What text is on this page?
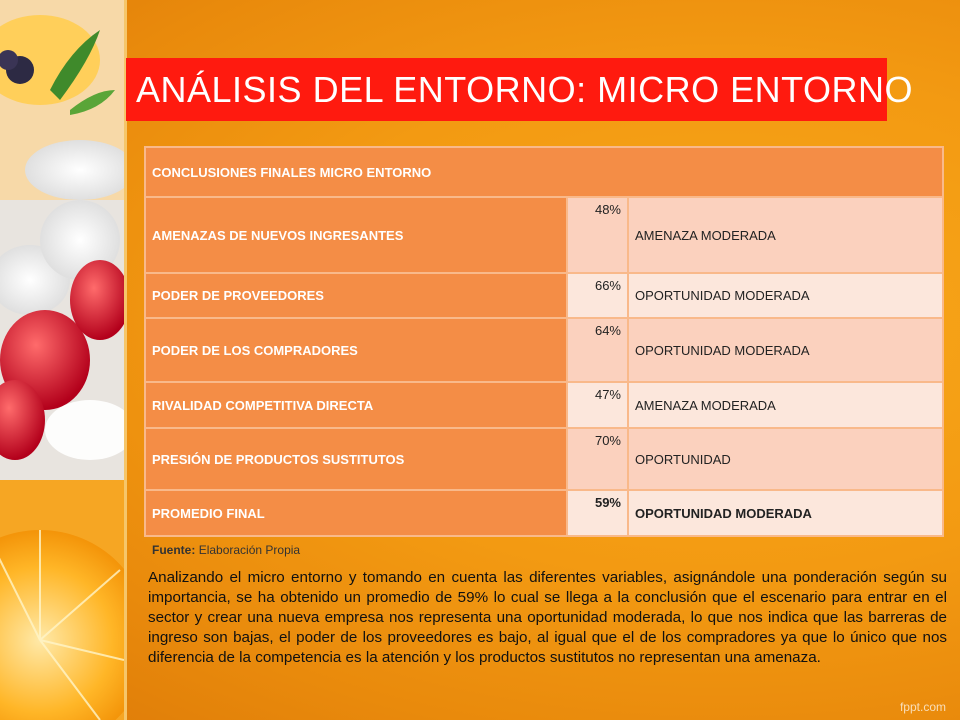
ANÁLISIS DEL ENTORNO: MICRO ENTORNO
CONCLUSIONES FINALES MICRO ENTORNO		
AMENAZAS DE NUEVOS INGRESANTES	48%	AMENAZA MODERADA
PODER DE PROVEEDORES	66%	OPORTUNIDAD MODERADA
PODER DE LOS COMPRADORES	64%	OPORTUNIDAD MODERADA
RIVALIDAD COMPETITIVA DIRECTA	47%	AMENAZA MODERADA
PRESIÓN DE PRODUCTOS SUSTITUTOS	70%	OPORTUNIDAD
PROMEDIO FINAL	59%	OPORTUNIDAD MODERADA
Fuente: Elaboración Propia
Analizando el micro entorno y tomando en cuenta las diferentes variables, asignándole una ponderación según su importancia, se ha obtenido un promedio de 59% lo cual se llega a la conclusión que el escenario para entrar en el sector y crear una nueva empresa nos representa una oportunidad moderada, lo que nos indica que las barreras de ingreso son bajas, el poder de los proveedores es bajo, al igual que el de los compradores ya que lo único que nos diferencia de la competencia es la atención y los productos sustitutos no representan una amenaza.
fppt.com
